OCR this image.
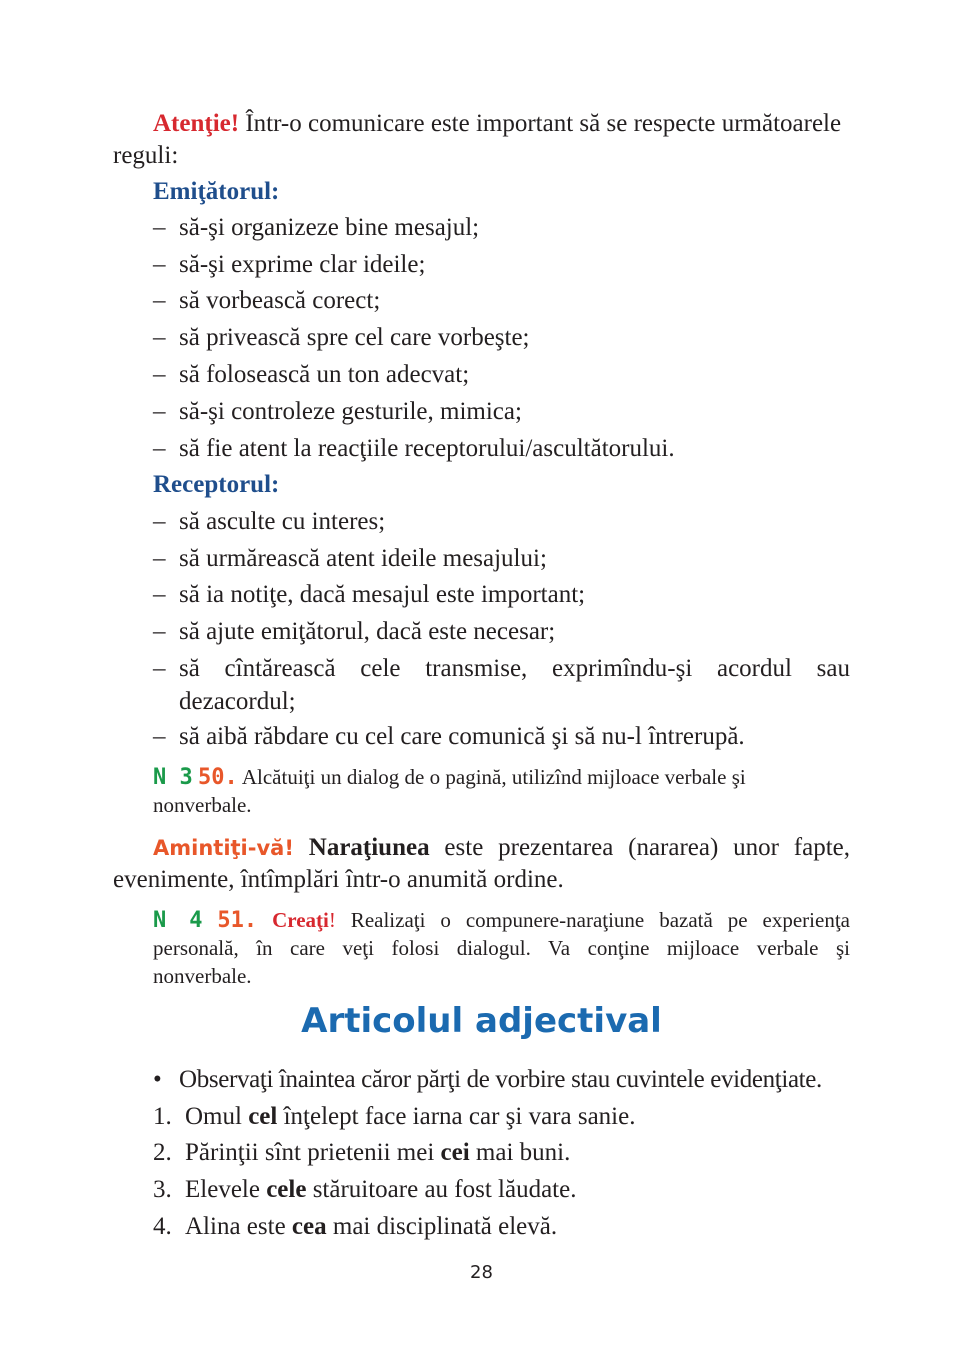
Atenţie! Într-o comunicare este important să se respecte următoarele
reguli:
Emiţătorul:
– să-şi organizeze bine mesajul;
– să-şi exprime clar ideile;
– să vorbească corect;
– să privească spre cel care vorbeşte;
– să folosească un ton adecvat;
– să-şi controleze gesturile, mimica;
– să fie atent la reacţiile receptorului/ascultătorului.
Receptorul:
– să asculte cu interes;
– să urmărească atent ideile mesajului;
– să ia notiţe, dacă mesajul este important;
– să ajute emiţătorul, dacă este necesar;
– să cîntărească cele transmise, exprimîndu-şi acordul sau
dezacordul;
– să aibă răbdare cu cel care comunică şi să nu-l întrerupă.
N 3 50. Alcătuiţi un dialog de o pagină, utilizînd mijloace verbale şi
nonverbale.
Amintiţi-vă! Naraţiunea este prezentarea (nararea) unor fapte,
evenimente, întîmplări într-o anumită ordine.
N 4 51. Creaţi! Realizaţi o compunere-naraţiune bazată pe experienţa
personală, în care veţi folosi dialogul. Va conţine mijloace verbale şi
nonverbale.
Articolul adjectival
• Observaţi înaintea căror părţi de vorbire stau cuvintele evidenţiate.
1. Omul cel înţelept face iarna car şi vara sanie.
2. Părinţii sînt prietenii mei cei mai buni.
3. Elevele cele stăruitoare au fost lăudate.
4. Alina este cea mai disciplinată elevă.
28
